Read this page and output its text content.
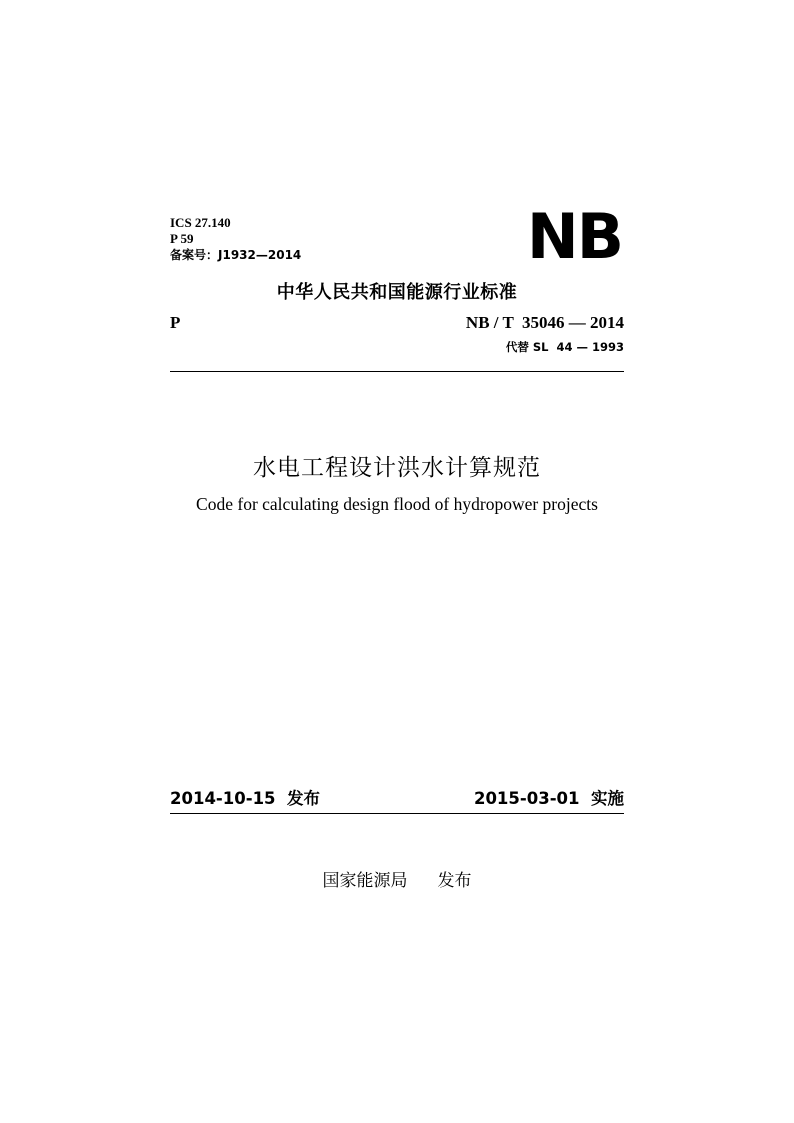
ICS 27.140
P 59
备案号：J1932—2014	NB
中华人民共和国能源行业标准
P	NB / T  35046 — 2014
代替 SL  44 — 1993
水电工程设计洪水计算规范
Code for calculating design flood of hydropower projects
2014-10-15  发布	2015-03-01  实施
国家能源局 发布
